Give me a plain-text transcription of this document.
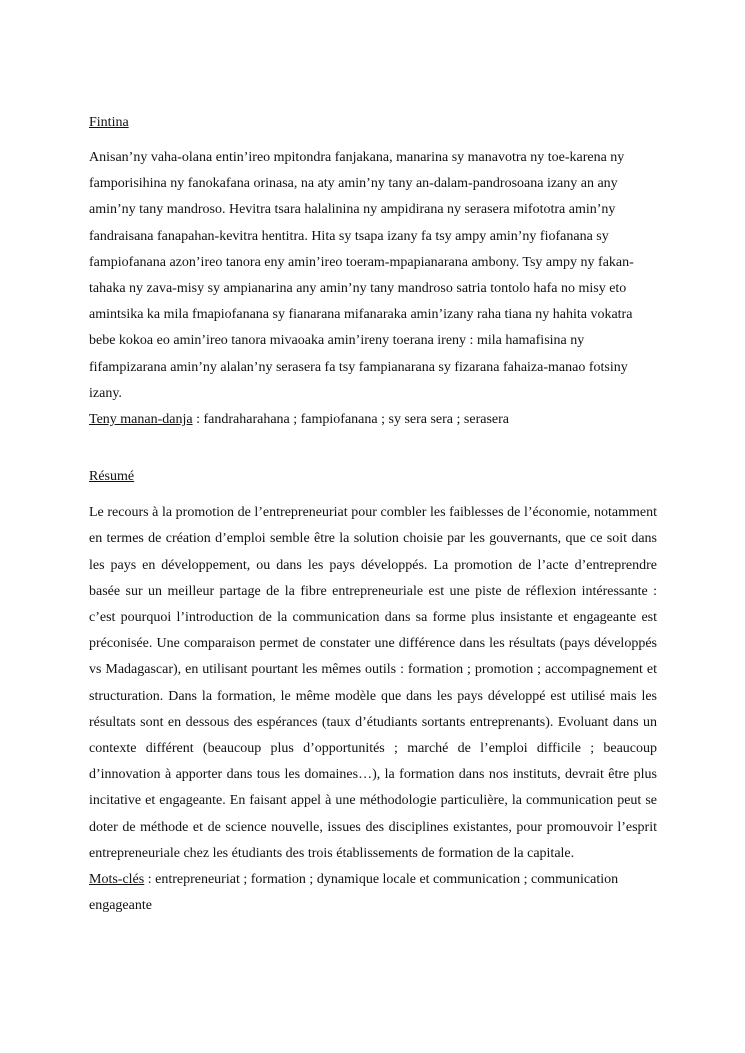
Fintina

Anisan’ny vaha-olana entin’ireo mpitondra fanjakana, manarina sy manavotra ny toe-karena ny famporisihina ny fanokafana orinasa, na aty amin’ny tany an-dalam-pandrosoana izany an any amin’ny tany mandroso. Hevitra tsara halalinina ny ampidirana ny serasera mifototra amin’ny fandraisana fanapahan-kevitra hentitra. Hita sy tsapa izany fa tsy ampy amin’ny fiofanana sy fampiofanana azon’ireo tanora eny amin’ireo toeram-mpapianarana ambony. Tsy ampy ny fakan-tahaka ny zava-misy sy ampianarina any amin’ny tany mandroso satria tontolo hafa no misy eto amintsika ka mila fmapiofanana sy fianarana mifanaraka amin’izany raha tiana ny hahita vokatra bebe kokoa eo amin’ireo tanora mivaoaka amin’ireny toerana ireny : mila hamafisina ny fifampizarana amin’ny alalan’ny serasera fa tsy fampianarana sy fizarana fahaiza-manao fotsiny izany.

Teny manan-danja : fandraharahana ; fampiofanana ; sy sera sera ; serasera

Résumé

Le recours à la promotion de l’entrepreneuriat pour combler les faiblesses de l’économie, notamment en termes de création d’emploi semble être la solution choisie par les gouvernants, que ce soit dans les pays en développement, ou dans les pays développés. La promotion de l’acte d’entreprendre basée sur un meilleur partage de la fibre entrepreneuriale est une piste de réflexion intéressante : c’est pourquoi l’introduction de la communication dans sa forme plus insistante et engageante est préconisée. Une comparaison permet de constater une différence dans les résultats (pays développés vs Madagascar), en utilisant pourtant les mêmes outils : formation ; promotion ; accompagnement et structuration. Dans la formation, le même modèle que dans les pays développé est utilisé mais les résultats sont en dessous des espérances (taux d’étudiants sortants entreprenants). Evoluant dans un contexte différent (beaucoup plus d’opportunités ; marché de l’emploi difficile ; beaucoup d’innovation à apporter dans tous les domaines…), la formation dans nos instituts, devrait être plus incitative et engageante. En faisant appel à une méthodologie particulière, la communication peut se doter de méthode et de science nouvelle, issues des disciplines existantes, pour promouvoir l’esprit entrepreneuriale chez les étudiants des trois établissements de formation de la capitale.

Mots-clés : entrepreneuriat ; formation ; dynamique locale et communication ; communication engageante
